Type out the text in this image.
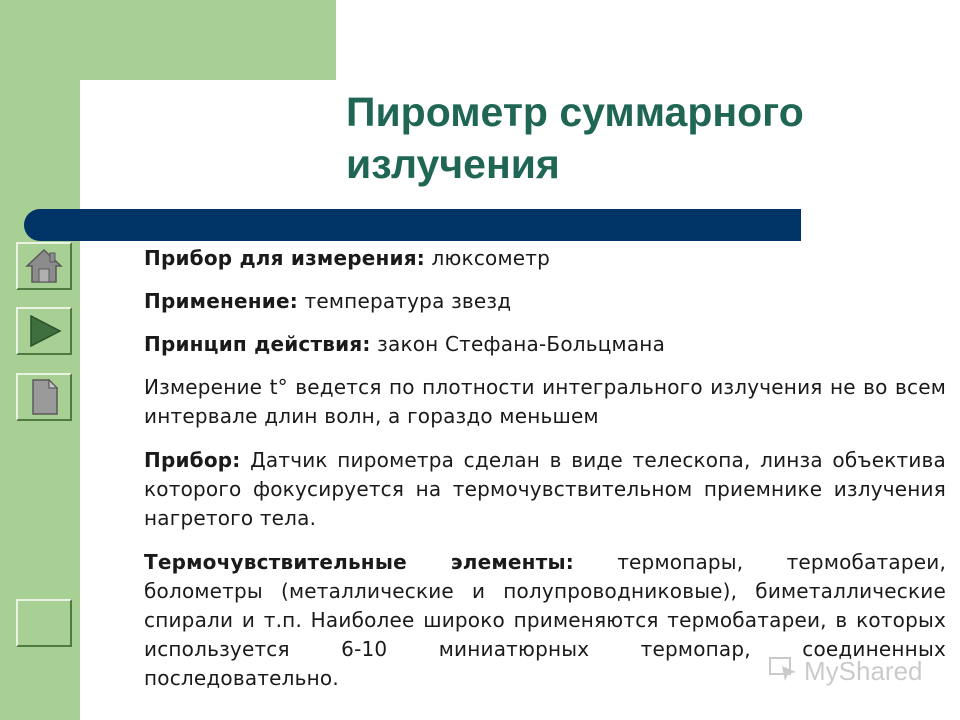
Пирометр суммарного излучения

Прибор для измерения: люксометр

Применение: температура звезд

Принцип действия: закон Стефана-Больцмана

Измерение t° ведется по плотности интегрального излучения не во всем интервале длин волн, а гораздо меньшем

Прибор: Датчик пирометра сделан в виде телескопа, линза объектива которого фокусируется на термочувствительном приемнике излучения нагретого тела.

Термочувствительные элементы: термопары, термобатареи, болометры (металлические и полупроводниковые), биметаллические спирали и т.п. Наиболее широко применяются термобатареи, в которых используется 6-10 миниатюрных термопар, соединенных последовательно.	MyShared
